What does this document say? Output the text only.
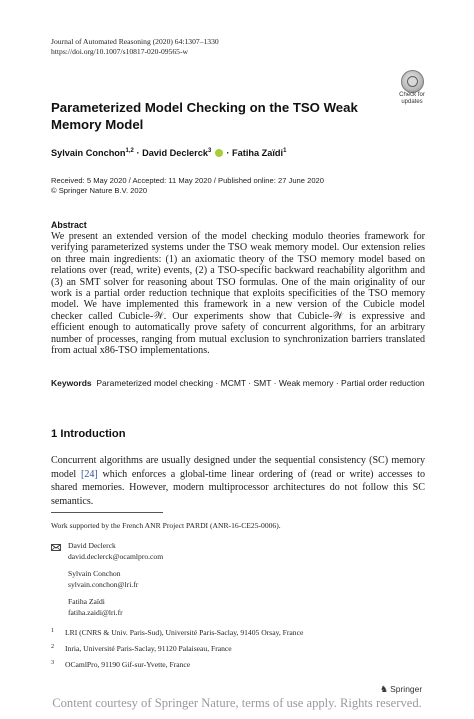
Journal of Automated Reasoning (2020) 64:1307–1330
https://doi.org/10.1007/s10817-020-09565-w
Check for
updates
Parameterized Model Checking on the TSO Weak Memory Model
Sylvain Conchon$^{1,2}$ · David Declerck$^3$  · Fatiha Zaïdi$^1$
Received: 5 May 2020 / Accepted: 11 May 2020 / Published online: 27 June 2020
© Springer Nature B.V. 2020
Abstract
We present an extended version of the model checking modulo theories framework for verifying parameterized systems under the TSO weak memory model. Our extension relies on three main ingredients: (1) an axiomatic theory of the TSO memory model based on relations over (read, write) events, (2) a TSO-specific backward reachability algorithm and (3) an SMT solver for reasoning about TSO formulas. One of the main originality of our work is a partial order reduction technique that exploits specificities of the TSO memory model. We have implemented this framework in a new version of the Cubicle model checker called Cubicle-𝒲. Our experiments show that Cubicle-𝒲 is expressive and efficient enough to automatically prove safety of concurrent algorithms, for an arbitrary number of processes, ranging from mutual exclusion to synchronization barriers translated from actual x86-TSO implementations.
Keywords Parameterized model checking · MCMT · SMT · Weak memory · Partial order reduction
1 Introduction
Concurrent algorithms are usually designed under the sequential consistency (SC) memory model [24] which enforces a global-time linear ordering of (read or write) accesses to shared memories. However, modern multiprocessor architectures do not follow this SC semantics.
Work supported by the French ANR Project PARDI (ANR-16-CE25-0006).
David Declerck
david.declerck@ocamlpro.com
Sylvain Conchon
sylvain.conchon@lri.fr
Fatiha Zaïdi
fatiha.zaidi@lri.fr
1 LRI (CNRS & Univ. Paris-Sud), Université Paris-Saclay, 91405 Orsay, France
2 Inria, Université Paris-Saclay, 91120 Palaiseau, France
3 OCamlPro, 91190 Gif-sur-Yvette, France
♞ Springer
Content courtesy of Springer Nature, terms of use apply. Rights reserved.
